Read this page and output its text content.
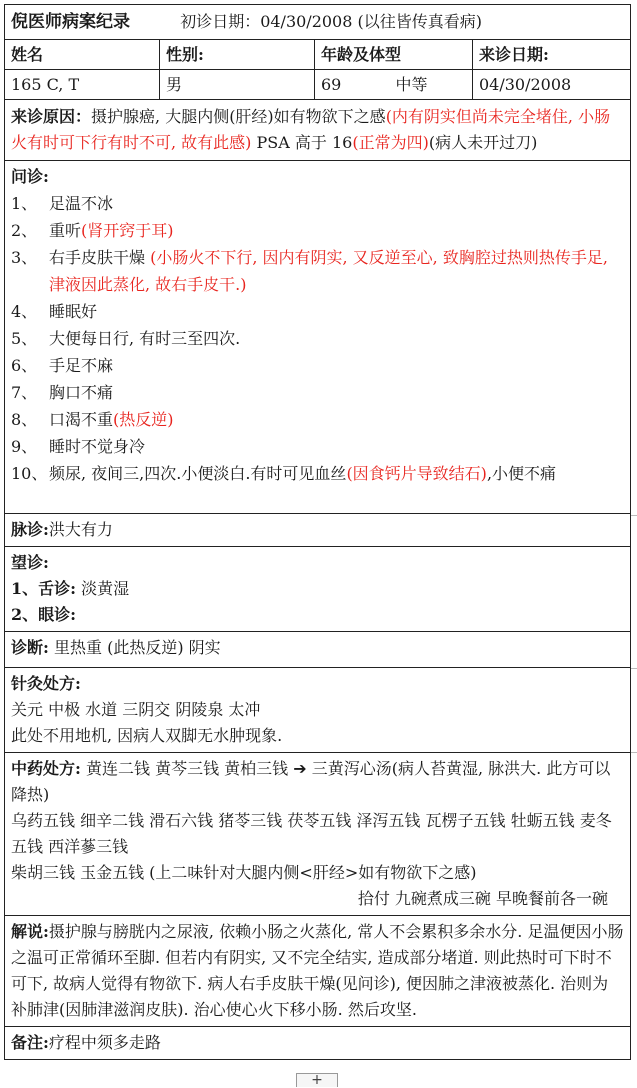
倪医师病案纪录	初诊日期：04/30/2008 (以往皆传真看病)
姓名	性别:	年龄及体型	来诊日期:
165 C, T	男	69	中等	04/30/2008
来诊原因：摄护腺癌, 大腿内侧(肝经)如有物欲下之感(内有阴实但尚未完全堵住, 小肠火有时可下行有时不可, 故有此感) PSA 高于 16(正常为四)(病人未开过刀)
问诊:
1、 足温不冰
2、 重听(肾开窍于耳)
3、 右手皮肤干燥 (小肠火不下行, 因内有阴实, 又反逆至心, 致胸腔过热则热传手足, 津液因此蒸化, 故右手皮干.)
4、 睡眠好
5、 大便每日行, 有时三至四次.
6、 手足不麻
7、 胸口不痛
8、 口渴不重(热反逆)
9、 睡时不觉身冷
10、 频尿, 夜间三,四次.小便淡白.有时可见血丝(因食钙片导致结石),小便不痛
脉诊:洪大有力
望诊:
1、舌诊: 淡黄湿
2、眼诊:
诊断: 里热重 (此热反逆) 阴实
针灸处方:
关元 中极 水道 三阴交 阴陵泉 太冲
此处不用地机, 因病人双脚无水肿现象.
中药处方: 黄连二钱 黄芩三钱 黄柏三钱 ➔ 三黄泻心汤(病人苔黄湿, 脉洪大. 此方可以降热)
乌药五钱 细辛二钱 滑石六钱 猪苓三钱 茯苓五钱 泽泻五钱 瓦楞子五钱 牡蛎五钱 麦冬五钱 西洋蔘三钱
柴胡三钱 玉金五钱 (上二味针对大腿内侧<肝经>如有物欲下之感)
拾付 九碗煮成三碗 早晚餐前各一碗
解说:摄护腺与膀胱内之尿液, 依赖小肠之火蒸化, 常人不会累积多余水分. 足温便因小肠之温可正常循环至脚. 但若内有阴实, 又不完全结实, 造成部分堵道. 则此热时可下时不可下, 故病人觉得有物欲下. 病人右手皮肤干燥(见问诊), 便因肺之津液被蒸化. 治则为补肺津(因肺津滋润皮肤). 治心使心火下移小肠. 然后攻坚.
备注:疗程中须多走路
+
